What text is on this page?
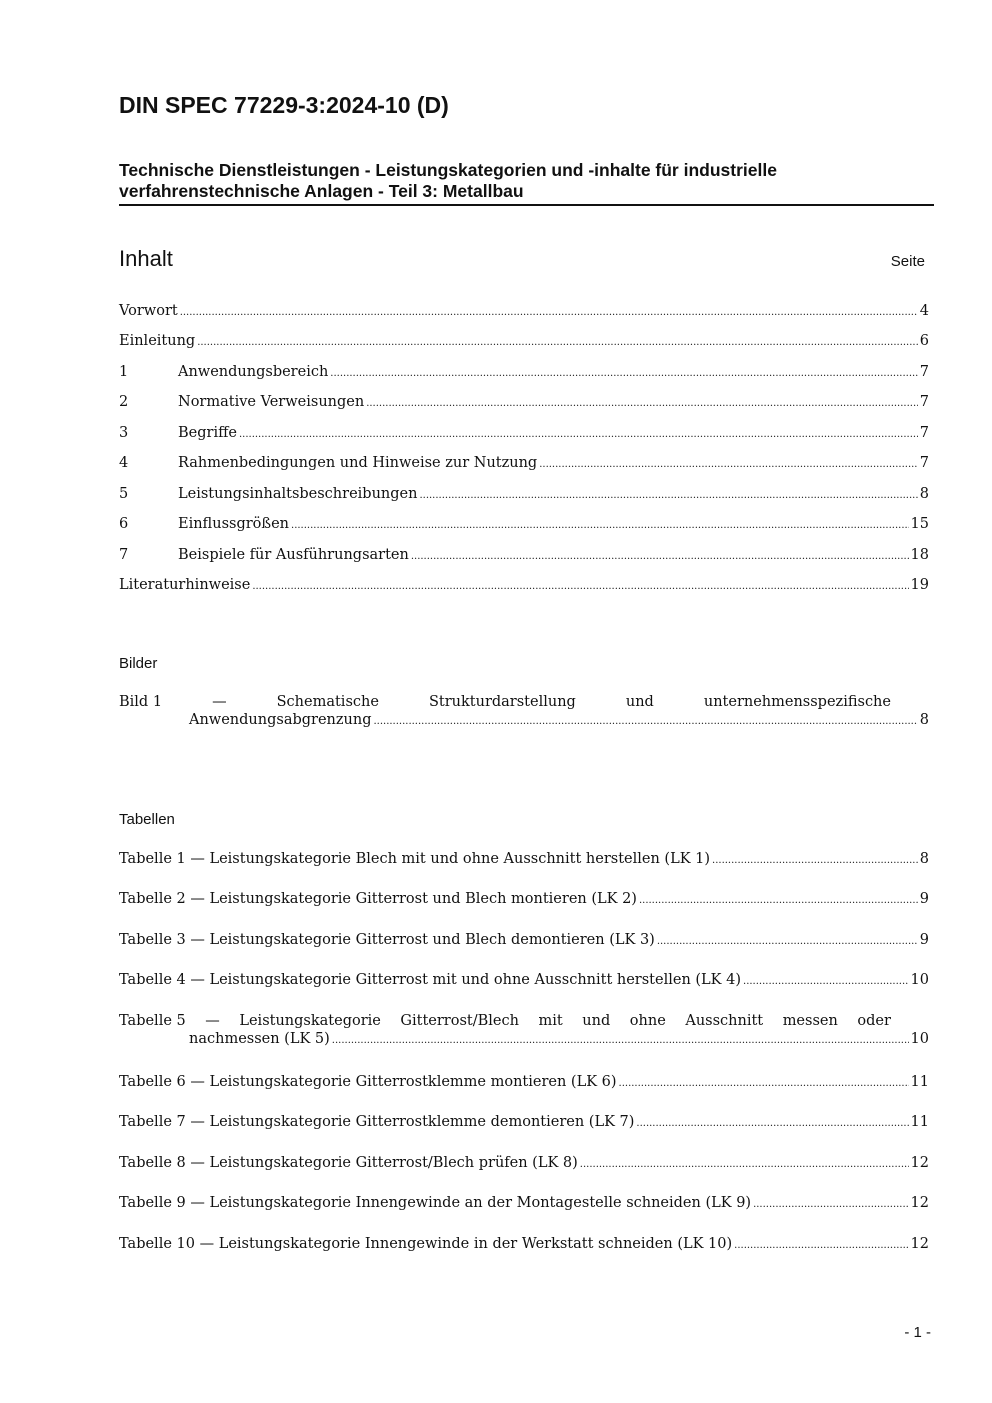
DIN SPEC 77229-3:2024-10 (D)
Technische Dienstleistungen - Leistungskategorien und -inhalte für industrielle
verfahrenstechnische Anlagen - Teil 3: Metallbau
Inhalt	Seite
Vorwort .....	4
Einleitung .....	6
1	Anwendungsbereich .....	7
2	Normative Verweisungen .....	7
3	Begriffe .....	7
4	Rahmenbedingungen und Hinweise zur Nutzung .....	7
5	Leistungsinhaltsbeschreibungen .....	8
6	Einflussgrößen .....	15
7	Beispiele für Ausführungsarten .....	18
Literaturhinweise .....	19
Bilder
Bild 1	—	Schematische	Strukturdarstellung	und	unternehmensspezifische
Anwendungsabgrenzung .....	8
Tabellen
Tabelle 1 — Leistungskategorie Blech mit und ohne Ausschnitt herstellen (LK 1) .....	8
Tabelle 2 — Leistungskategorie Gitterrost und Blech montieren (LK 2) .....	9
Tabelle 3 — Leistungskategorie Gitterrost und Blech demontieren (LK 3) .....	9
Tabelle 4 — Leistungskategorie Gitterrost mit und ohne Ausschnitt herstellen (LK 4) .....	10
Tabelle 5 — Leistungskategorie Gitterrost/Blech mit und ohne Ausschnitt messen oder
nachmessen (LK 5) .....	10
Tabelle 6 — Leistungskategorie Gitterrostklemme montieren (LK 6) .....	11
Tabelle 7 — Leistungskategorie Gitterrostklemme demontieren (LK 7) .....	11
Tabelle 8 — Leistungskategorie Gitterrost/Blech prüfen (LK 8) .....	12
Tabelle 9 — Leistungskategorie Innengewinde an der Montagestelle schneiden (LK 9) .....	12
Tabelle 10 — Leistungskategorie Innengewinde in der Werkstatt schneiden (LK 10) .....	12
- 1 -
